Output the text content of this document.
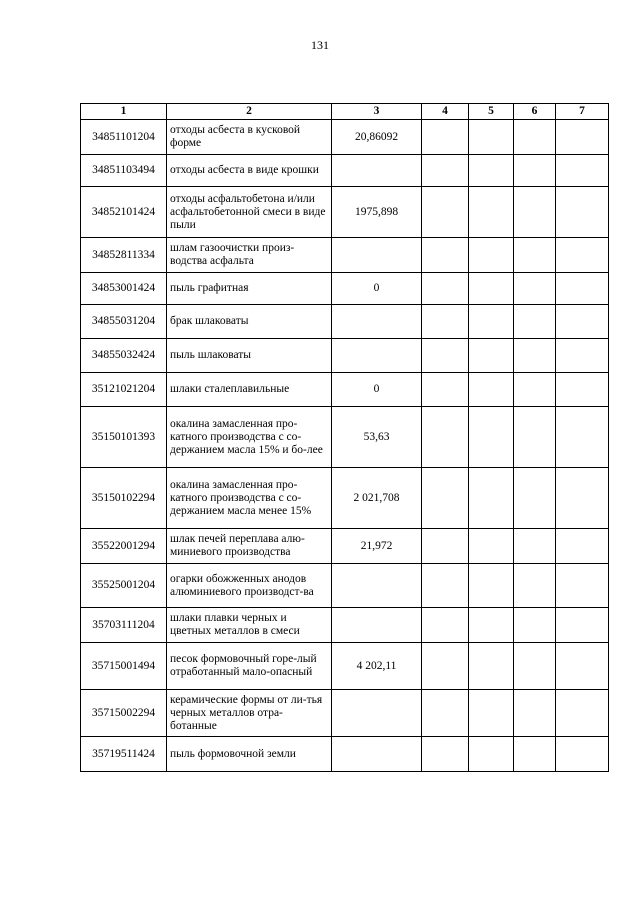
131
1	2	3	4	5	6	7
34851101204	отходы асбеста в кусковой форме	20,86092				
34851103494	отходы асбеста в виде крошки					
34852101424	отходы асфальтобетона и/или асфальтобетонной смеси в виде пыли	1975,898				
34852811334	шлам газоочистки произ-водства асфальта					
34853001424	пыль графитная	0				
34855031204	брак шлаковаты					
34855032424	пыль шлаковаты					
35121021204	шлаки сталеплавильные	0				
35150101393	окалина замасленная про-катного производства с со-держанием масла 15% и бо-лее	53,63				
35150102294	окалина замасленная про-катного производства с со-держанием масла менее 15%	2 021,708				
35522001294	шлак печей переплава алю-миниевого производства	21,972				
35525001204	огарки обожженных анодов алюминиевого производст-ва					
35703111204	шлаки плавки черных и цветных металлов в смеси					
35715001494	песок формовочный горе-лый отработанный мало-опасный	4 202,11				
35715002294	керамические формы от ли-тья черных металлов отра-ботанные					
35719511424	пыль формовочной земли					
